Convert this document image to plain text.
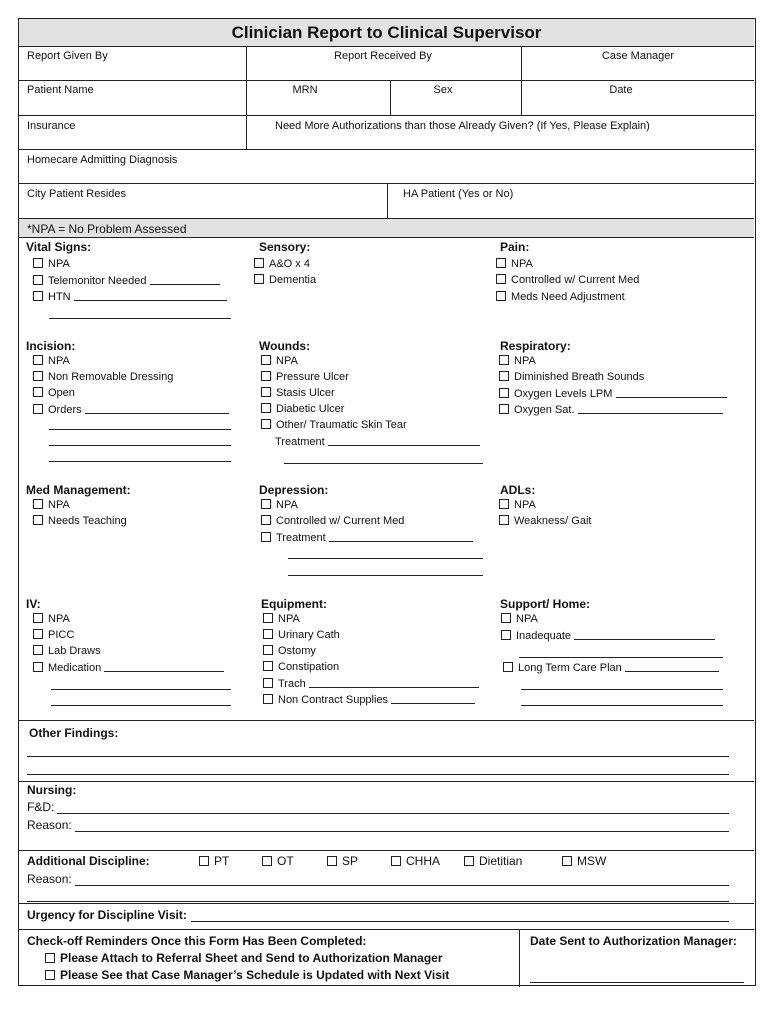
Clinician Report to Clinical Supervisor
Report Given By	Report Received By	Case Manager
Patient Name	MRN	Sex	Date
Insurance	Need More Authorizations than those Already Given? (If Yes, Please Explain)
Homecare Admitting Diagnosis
City Patient Resides	HA Patient (Yes or No)
*NPA = No Problem Assessed
Vital Signs:
NPA
Telemonitor Needed
HTN
Sensory:
A&O x 4
Dementia
Pain:
NPA
Controlled w/ Current Med
Meds Need Adjustment
Incision:
NPA
Non Removable Dressing
Open
Orders
Wounds:
NPA
Pressure Ulcer
Stasis Ulcer
Diabetic Ulcer
Other/ Traumatic Skin Tear
Treatment
Respiratory:
NPA
Diminished Breath Sounds
Oxygen Levels LPM
Oxygen Sat.
Med Management:
NPA
Needs Teaching
Depression:
NPA
Controlled w/ Current Med
Treatment
ADLs:
NPA
Weakness/ Gait
IV:
NPA
PICC
Lab Draws
Medication
Equipment:
NPA
Urinary Cath
Ostomy
Constipation
Trach
Non Contract Supplies
Support/ Home:
NPA
Inadequate
Long Term Care Plan
Other Findings:
Nursing:
F&D:
Reason:
Additional Discipline:	PT	OT	SP	CHHA	Dietitian	MSW
Reason:
Urgency for Discipline Visit:
Check-off Reminders Once this Form Has Been Completed:
Please Attach to Referral Sheet and Send to Authorization Manager
Please See that Case Manager’s Schedule is Updated with Next Visit
Date Sent to Authorization Manager:
